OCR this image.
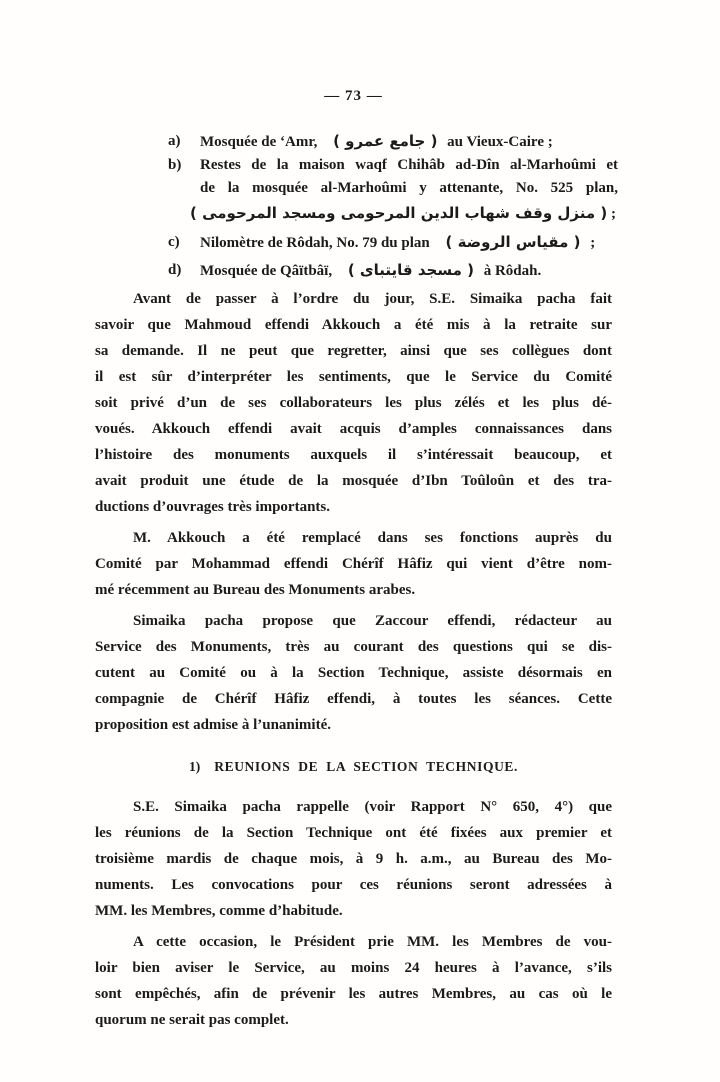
— 73 —
a)	Mosquée de ‘Amr, ( جامع عمرو ) au Vieux-Caire ;
b)	Restes de la maison waqf Chihâb ad-Dîn al-Marhoûmi et
de la mosquée al-Marhoûmi y attenante, No. 525 plan,
( منزل وقف شهاب الدين المرحومى ومسجد المرحومى ) ;
c)	Nilomètre de Rôdah, No. 79 du plan ( مقياس الروضة ) ;
d)	Mosquée de Qâïtbâï, ( مسجد قايتباى ) à Rôdah.
Avant de passer à l’ordre du jour, S.E. Simaika pacha fait
savoir que Mahmoud effendi Akkouch a été mis à la retraite sur
sa demande. Il ne peut que regretter, ainsi que ses collègues dont
il est sûr d’interpréter les sentiments, que le Service du Comité
soit privé d’un de ses collaborateurs les plus zélés et les plus dé-
voués. Akkouch effendi avait acquis d’amples connaissances dans
l’histoire des monuments auxquels il s’intéressait beaucoup, et
avait produit une étude de la mosquée d’Ibn Toûloûn et des tra-
ductions d’ouvrages très importants.
M. Akkouch a été remplacé dans ses fonctions auprès du
Comité par Mohammad effendi Chérîf Hâfiz qui vient d’être nom-
mé récemment au Bureau des Monuments arabes.
Simaika pacha propose que Zaccour effendi, rédacteur au
Service des Monuments, très au courant des questions qui se dis-
cutent au Comité ou à la Section Technique, assiste désormais en
compagnie de Chérîf Hâfiz effendi, à toutes les séances. Cette
proposition est admise à l’unanimité.
1) REUNIONS DE LA SECTION TECHNIQUE.
S.E. Simaika pacha rappelle (voir Rapport N° 650, 4°) que
les réunions de la Section Technique ont été fixées aux premier et
troisième mardis de chaque mois, à 9 h. a.m., au Bureau des Mo-
numents. Les convocations pour ces réunions seront adressées à
MM. les Membres, comme d’habitude.
A cette occasion, le Président prie MM. les Membres de vou-
loir bien aviser le Service, au moins 24 heures à l’avance, s’ils
sont empêchés, afin de prévenir les autres Membres, au cas où le
quorum ne serait pas complet.
